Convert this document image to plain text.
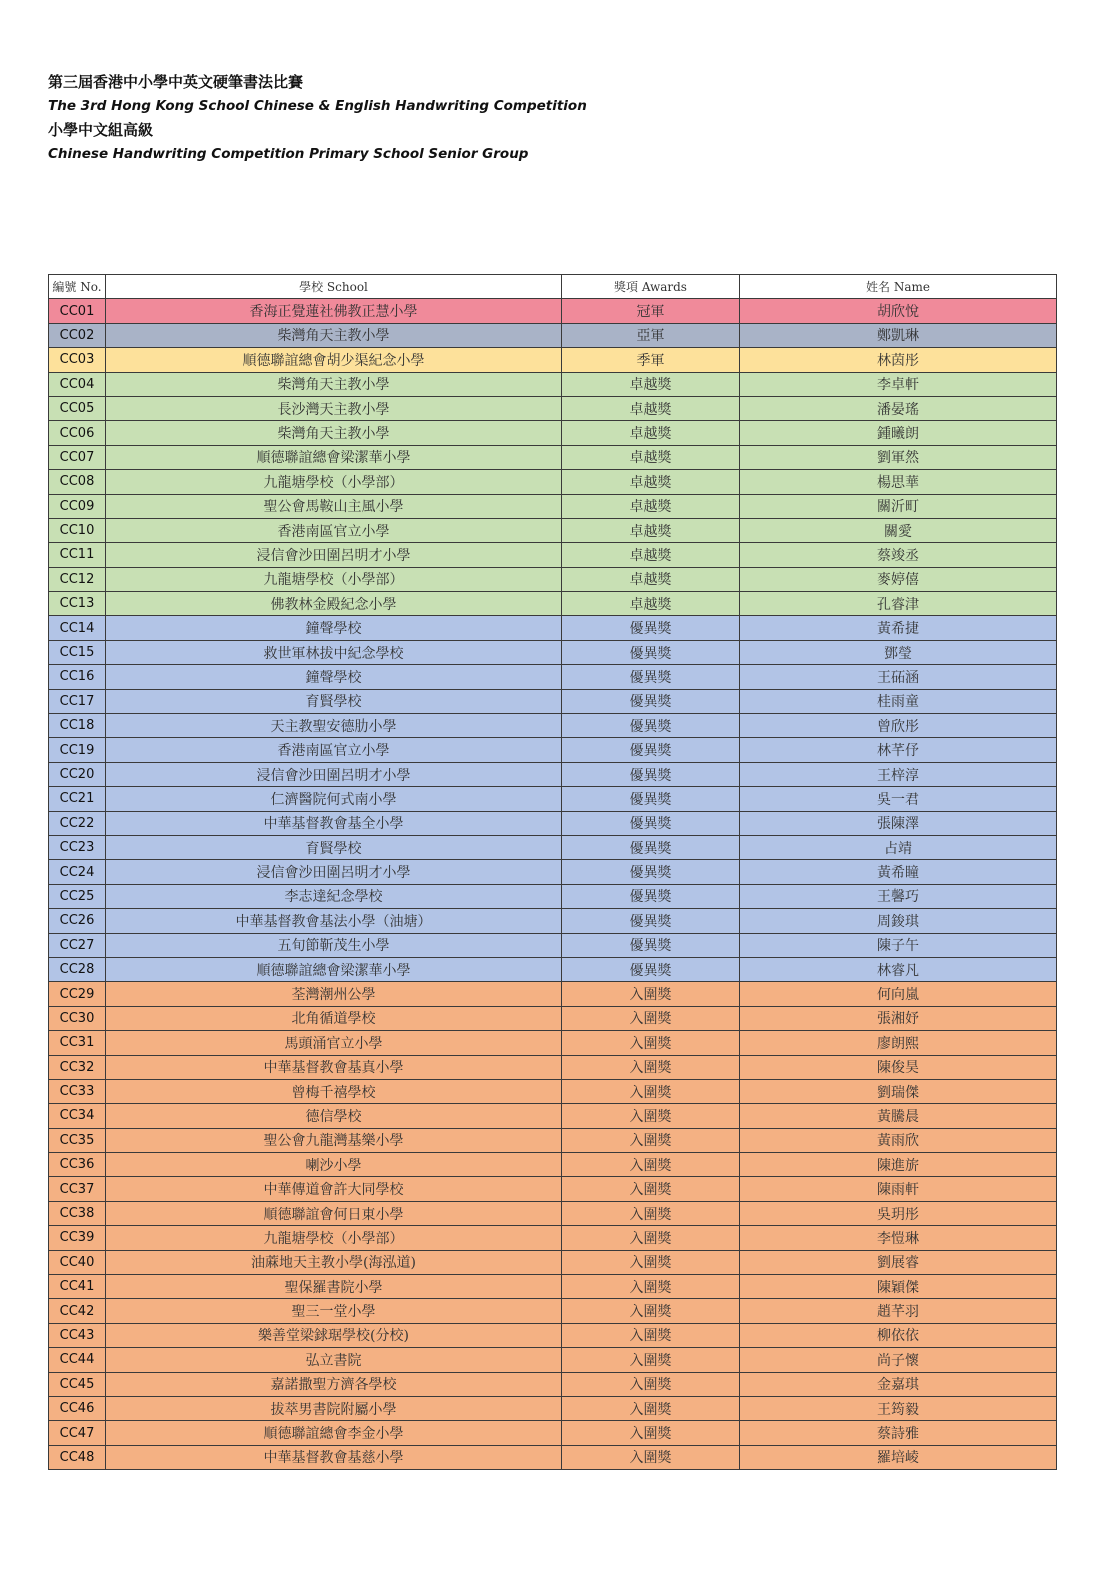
第三屆香港中小學中英文硬筆書法比賽
The 3rd Hong Kong School Chinese & English Handwriting Competition
小學中文組高級
Chinese Handwriting Competition Primary School Senior Group
編號 No.	學校 School	獎項 Awards	姓名 Name
CC01	香海正覺蓮社佛教正慧小學	冠軍	胡欣悅
CC02	柴灣角天主教小學	亞軍	鄭凱琳
CC03	順德聯誼總會胡少渠紀念小學	季軍	林茵彤
CC04	柴灣角天主教小學	卓越獎	李卓軒
CC05	長沙灣天主教小學	卓越獎	潘晏瑤
CC06	柴灣角天主教小學	卓越獎	鍾曦朗
CC07	順德聯誼總會梁潔華小學	卓越獎	劉軍然
CC08	九龍塘學校（小學部）	卓越獎	楊思華
CC09	聖公會馬鞍山主風小學	卓越獎	關沂町
CC10	香港南區官立小學	卓越獎	關愛
CC11	浸信會沙田圍呂明才小學	卓越獎	蔡竣丞
CC12	九龍塘學校（小學部）	卓越獎	麥婷僖
CC13	佛教林金殿紀念小學	卓越獎	孔睿津
CC14	鐘聲學校	優異獎	黃希捷
CC15	救世軍林拔中紀念學校	優異獎	鄧瑩
CC16	鐘聲學校	優異獎	王砳涵
CC17	育賢學校	優異獎	桂雨童
CC18	天主教聖安德肋小學	優異獎	曾欣彤
CC19	香港南區官立小學	優異獎	林芊伃
CC20	浸信會沙田圍呂明才小學	優異獎	王梓淳
CC21	仁濟醫院何式南小學	優異獎	吳一君
CC22	中華基督教會基全小學	優異獎	張陳澤
CC23	育賢學校	優異獎	占靖
CC24	浸信會沙田圍呂明才小學	優異獎	黃希瞳
CC25	李志達紀念學校	優異獎	王馨巧
CC26	中華基督教會基法小學（油塘）	優異獎	周鋑琪
CC27	五旬節靳茂生小學	優異獎	陳子午
CC28	順德聯誼總會梁潔華小學	優異獎	林睿凡
CC29	荃灣潮州公學	入圍獎	何向嵐
CC30	北角循道學校	入圍獎	張湘妤
CC31	馬頭涌官立小學	入圍獎	廖朗熙
CC32	中華基督教會基真小學	入圍獎	陳俊昊
CC33	曾梅千禧學校	入圍獎	劉瑞傑
CC34	德信學校	入圍獎	黃騰晨
CC35	聖公會九龍灣基樂小學	入圍獎	黃雨欣
CC36	喇沙小學	入圍獎	陳進旂
CC37	中華傳道會許大同學校	入圍獎	陳雨軒
CC38	順德聯誼會何日東小學	入圍獎	吳玥彤
CC39	九龍塘學校（小學部）	入圍獎	李愷琳
CC40	油蔴地天主教小學(海泓道)	入圍獎	劉展睿
CC41	聖保羅書院小學	入圍獎	陳穎傑
CC42	聖三一堂小學	入圍獎	趙芊羽
CC43	樂善堂梁銶琚學校(分校)	入圍獎	柳依依
CC44	弘立書院	入圍獎	尚子懷
CC45	嘉諾撒聖方濟各學校	入圍獎	金嘉琪
CC46	拔萃男書院附屬小學	入圍獎	王筠毅
CC47	順德聯誼總會李金小學	入圍獎	蔡詩雅
CC48	中華基督教會基慈小學	入圍獎	羅培崚
